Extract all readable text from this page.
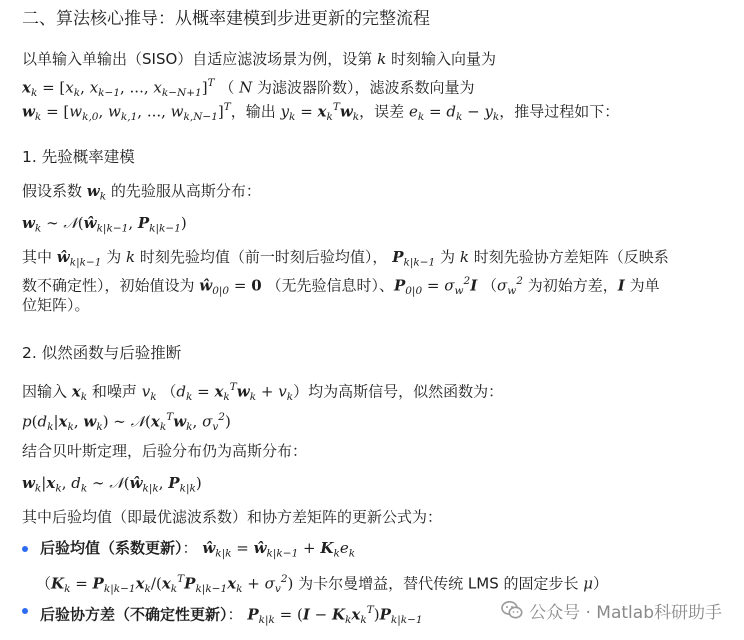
二、算法核心推导：从概率建模到步进更新的完整流程
以单输入单输出（SISO）自适应滤波场景为例，设第 k 时刻输入向量为
$x_k = [x_k$, $x_{k-1}$, ..., $x_{k-N+1}]^T$ （ N 为滤波器阶数），滤波系数向量为
$w_k = [w_{k,0}$, $w_{k,1}$, ..., $w_{k,N-1}]^T$，输出 $y_k = x_k^Tw_k$，误差 $e_k = d_k - y_k$，推导过程如下：
1. 先验概率建模
假设系数 $w_k$ 的先验服从高斯分布：
$w_k$ ∼ $𝒩(ŵ_{k|k-1}$, $P_{k|k-1}$)
其中 $ŵ_{k|k-1}$ 为 k 时刻先验均值（前一时刻后验均值）， $P_{k|k-1}$ 为 k 时刻先验协方差矩阵（反映系
数不确定性），初始值设为 $ŵ_{0|0} = 0$ （无先验信息时）、$P_{0|0} = \sigma_w^2I$ （$\sigma_w^2$ 为初始方差，I 为单
位矩阵）。
2. 似然函数与后验推断
因输入 $x_k$ 和噪声 $v_k$ $(d_k = x_k^Tw_k + v_k)$均为高斯信号，似然函数为：
$p(d_k|x_k$, $w_k$) ∼ $𝒩(x_k^Tw_k$, $\sigma_v^2$)
结合贝叶斯定理，后验分布仍为高斯分布：
$w_k|x_k$, $d_k$ ∼ $𝒩(ŵ_{k|k}$, $P_{k|k}$)
其中后验均值（即最优滤波系数）和协方差矩阵的更新公式为：
后验均值（系数更新）： $ŵ_{k|k}$ = $ŵ_{k|k-1} + K_ke_k$
（$K_k = P_{k|k-1}x_k/(x_k^TP_{k|k-1}x_k + \sigma_v^2)$ 为卡尔曼增益，替代传统 LMS 的固定步长 μ）
后验协方差（不确定性更新）： $P_{k|k} = (I - K_kx_k^T)P_{k|k-1}$	公众号 · Matlab科研助手
